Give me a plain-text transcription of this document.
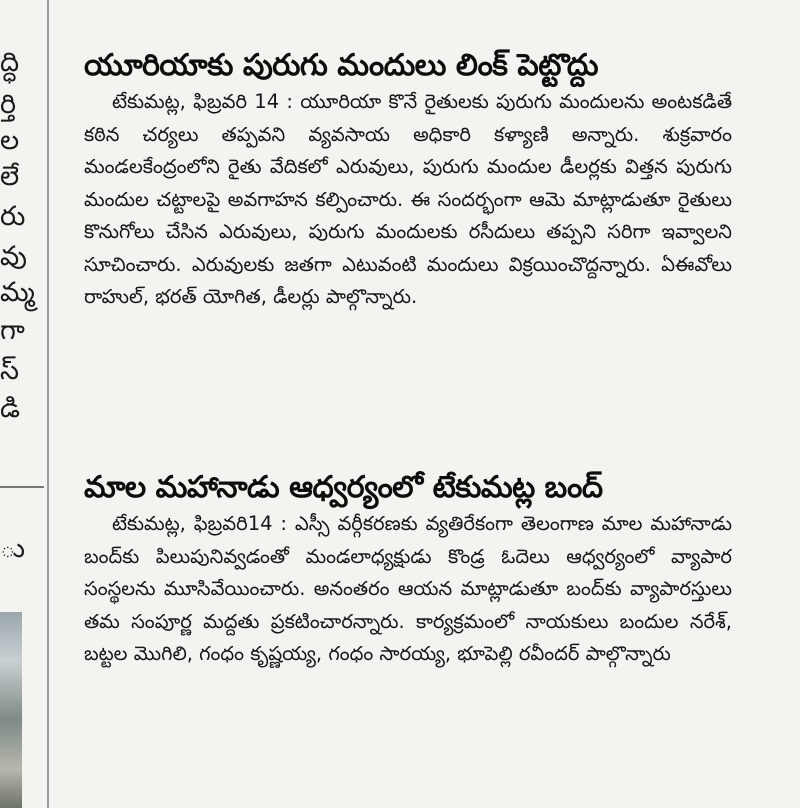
ద్ధి
ర్తి
ల
లే
రు
వు
మ్మ
గా
స్
డి
ు
యూరియాకు పురుగు మందులు లింక్ పెట్టొద్దు

టేకుమట్ల, ఫిబ్రవరి 14 : యూరియా కొనే రైతులకు పురుగు మందులను అంటకడితే కఠిన చర్యలు తప్పవని వ్యవసాయ అధికారి కళ్యాణి అన్నారు. శుక్రవారం మండలకేంద్రంలోని రైతు వేదికలో ఎరువులు, పురుగు మందుల డీలర్లకు విత్తన పురుగు మందుల చట్టాలపై అవగాహన కల్పించారు. ఈ సందర్భంగా ఆమె మాట్లాడుతూ రైతులు కొనుగోలు చేసిన ఎరువులు, పురుగు మందులకు రసీదులు తప్పని సరిగా ఇవ్వాలని సూచించారు. ఎరువులకు జతగా ఎటువంటి మందులు విక్రయించొద్దన్నారు. ఏఈవోలు రాహుల్, భరత్ యోగిత, డీలర్లు పాల్గొన్నారు.

మాల మహానాడు ఆధ్వర్యంలో టేకుమట్ల బంద్

టేకుమట్ల, ఫిబ్రవరి14 : ఎస్సీ వర్గీకరణకు వ్యతిరేకంగా తెలంగాణ మాల మహానాడు బంద్‌కు పిలుపునివ్వడంతో మండలాధ్యక్షుడు కొండ్ర ఓదెలు ఆధ్వర్యంలో వ్యాపార సంస్థలను మూసివేయించారు. అనంతరం ఆయన మాట్లాడుతూ బంద్‌కు వ్యాపారస్తులు తమ సంపూర్ణ మద్దతు ప్రకటించారన్నారు. కార్యక్రమంలో నాయకులు బందుల నరేశ్, బట్టల మొగిలి, గంధం కృష్ణయ్య, గంధం సారయ్య, భూపెల్లి రవీందర్ పాల్గొన్నారు
